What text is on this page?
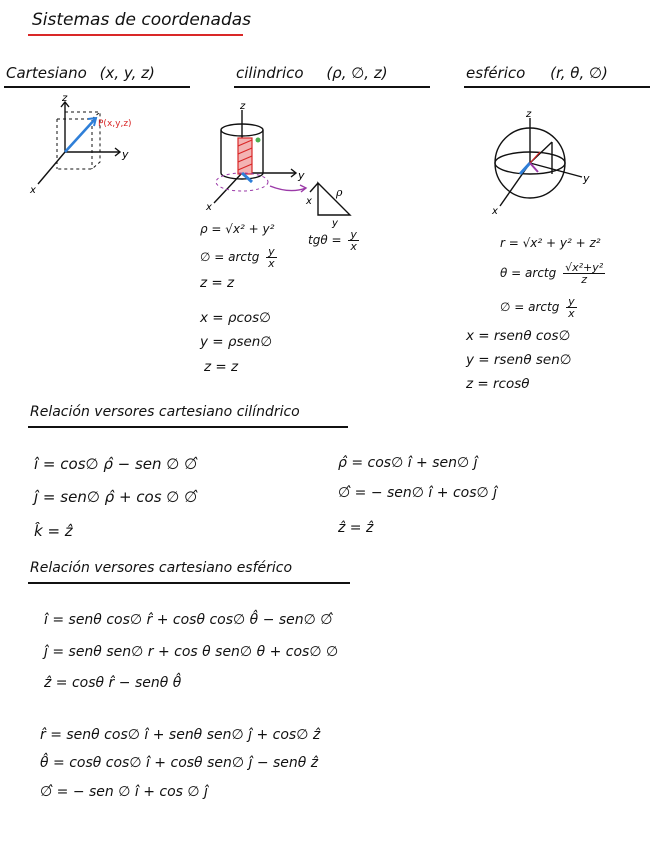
Sistemas de coordenadas
Cartesiano (x, y, z)	cilindrico (ρ, ∅, z)	esférico (r, θ, ∅)
z
y
x
P(x,y,z)
z
y
x
ρ
y
x
z
y
x
$tg\theta = \frac{y}{x}$
ρ = √x² + y²
∅ = arctg $\frac{y}{x}$
z = z
x = ρcos∅
y = ρsen∅
z = z
r = √x² + y² + z²
θ = arctg $\frac{\text{√x²+y²}}{z}$
∅ = arctg $\frac{y}{x}$
x = rsenθ cos∅
y = rsenθ sen∅
z = rcosθ
Relación versores cartesiano cilíndrico
î = cos∅ ρ̂ − sen ∅ ∅̂
ĵ = sen∅ ρ̂ + cos ∅ ∅̂
k̂ = ẑ
ρ̂ = cos∅ î + sen∅ ĵ
∅̂ = − sen∅ î + cos∅ ĵ
ẑ = ẑ
Relación versores cartesiano esférico
î = senθ cos∅ r̂ + cosθ cos∅ θ̂ − sen∅ ∅̂
ĵ = senθ sen∅ r + cos θ sen∅ θ + cos∅ ∅
ẑ = cosθ r̂ − senθ θ̂
r̂ = senθ cos∅ î + senθ sen∅ ĵ + cos∅ ẑ
θ̂ = cosθ cos∅ î + cosθ sen∅ ĵ − senθ ẑ
∅̂ = − sen ∅ î + cos ∅ ĵ
